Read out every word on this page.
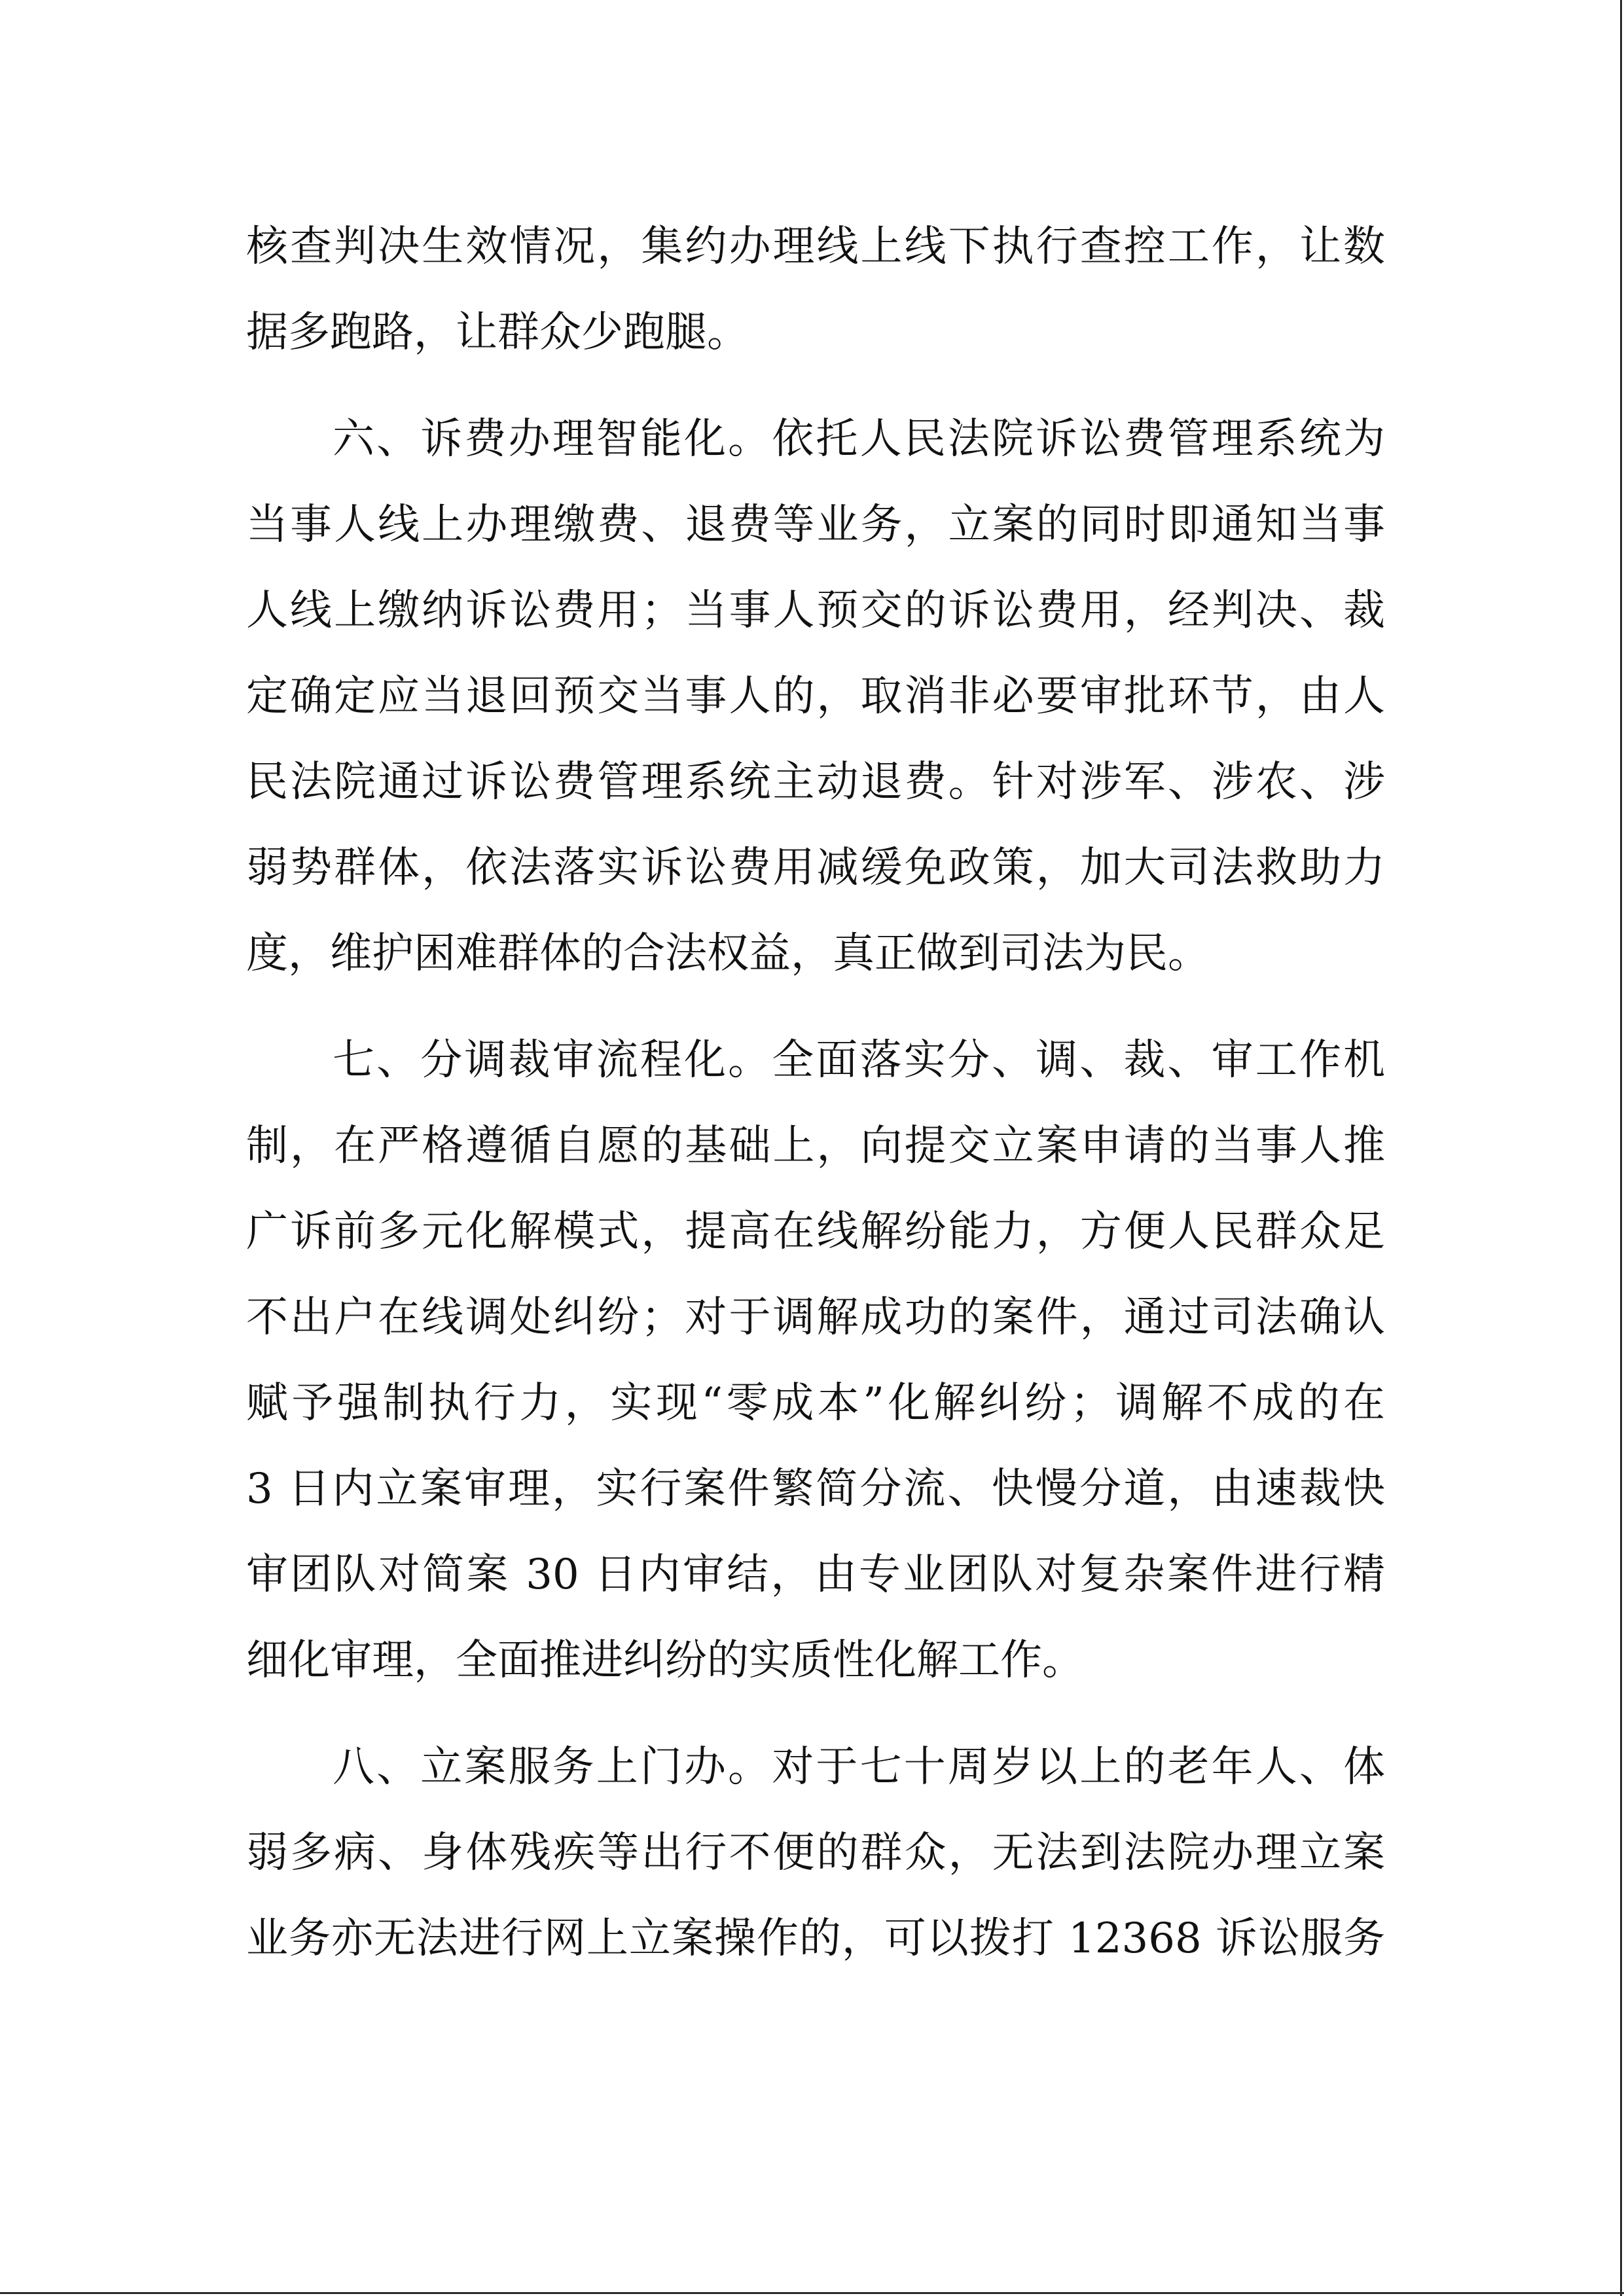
核查判决生效情况，集约办理线上线下执行查控工作，让数
据多跑路，让群众少跑腿。
六、诉费办理智能化。依托人民法院诉讼费管理系统为
当事人线上办理缴费、退费等业务，立案的同时即通知当事
人线上缴纳诉讼费用；当事人预交的诉讼费用，经判决、裁
定确定应当退回预交当事人的，取消非必要审批环节，由人
民法院通过诉讼费管理系统主动退费。针对涉军、涉农、涉
弱势群体，依法落实诉讼费用减缓免政策，加大司法救助力
度，维护困难群体的合法权益，真正做到司法为民。
七、分调裁审流程化。全面落实分、调、裁、审工作机
制，在严格遵循自愿的基础上，向提交立案申请的当事人推
广诉前多元化解模式，提高在线解纷能力，方便人民群众足
不出户在线调处纠纷；对于调解成功的案件，通过司法确认
赋予强制执行力，实现“零成本”化解纠纷；调解不成的在
3 日内立案审理，实行案件繁简分流、快慢分道，由速裁快
审团队对简案 30 日内审结，由专业团队对复杂案件进行精
细化审理，全面推进纠纷的实质性化解工作。
八、立案服务上门办。对于七十周岁以上的老年人、体
弱多病、身体残疾等出行不便的群众，无法到法院办理立案
业务亦无法进行网上立案操作的，可以拨打 12368 诉讼服务
